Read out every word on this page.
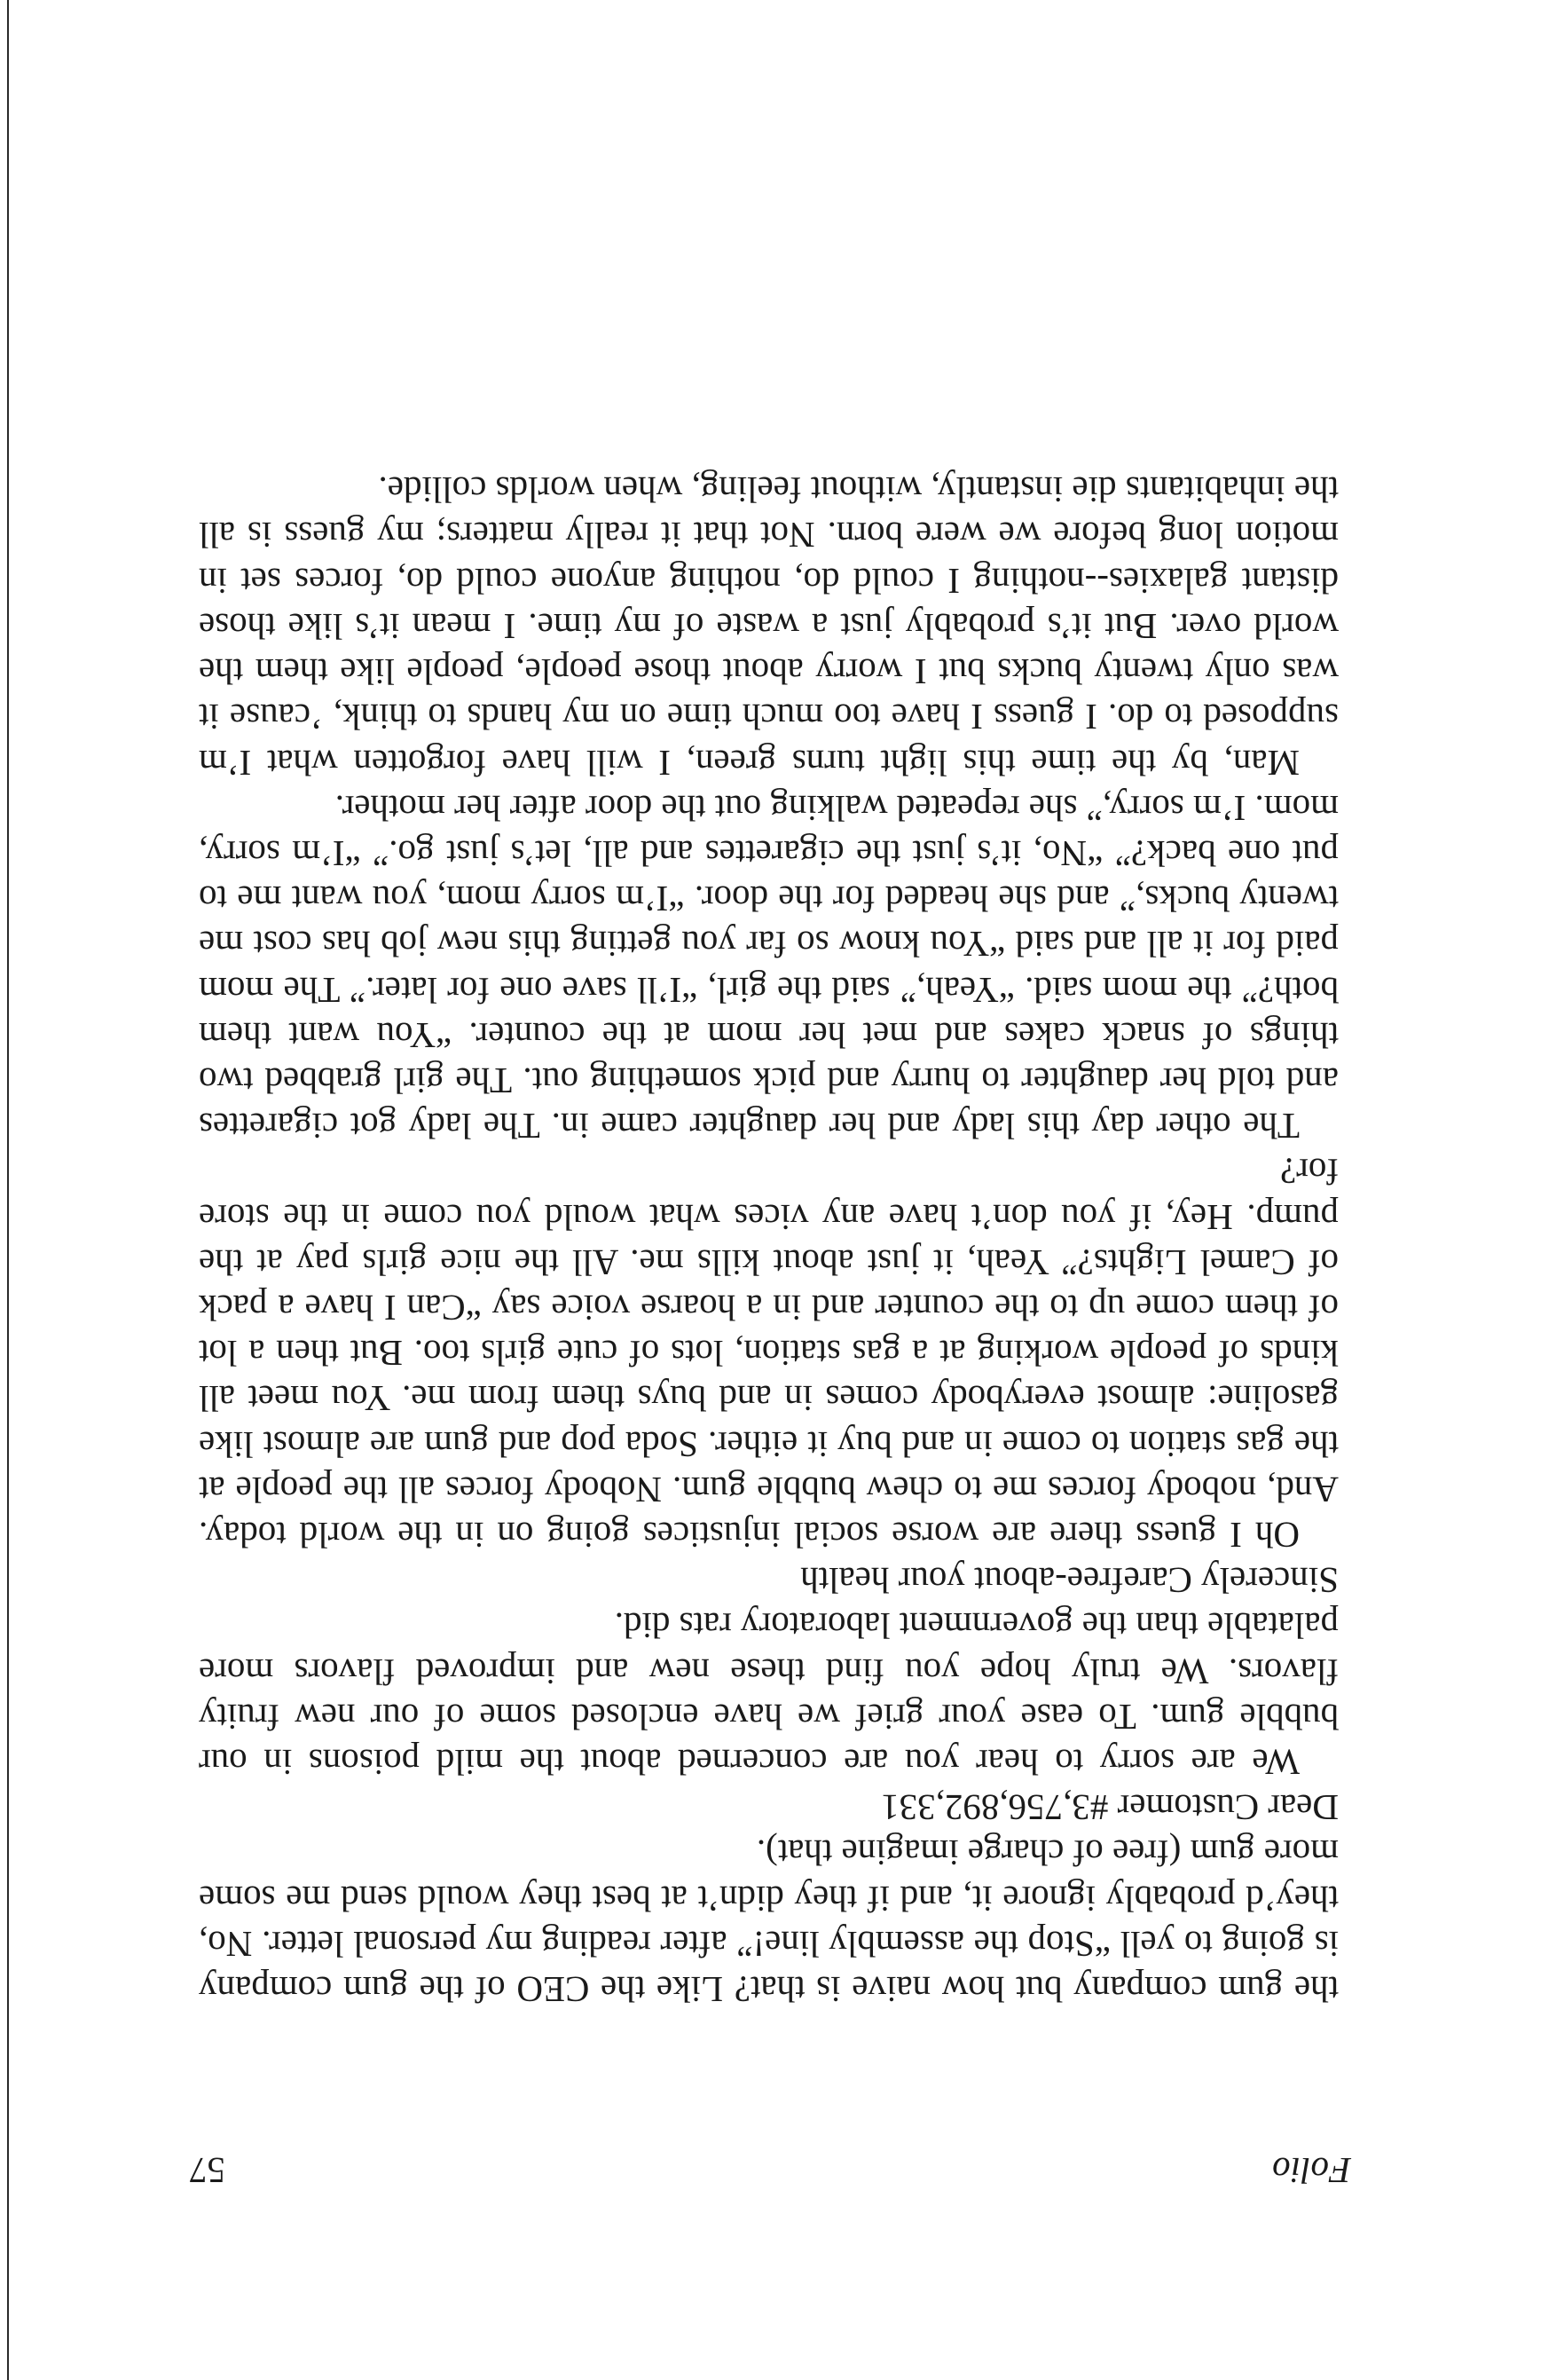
Folio
57

the gum company but how naive is that? Like the CEO of the gum company is going to yell “Stop the assembly line!” after reading my personal letter. No, they’d probably ignore it, and if they didn’t at best they would send me some more gum (free of charge imagine that).

Dear Customer #3,756,892,331

We are sorry to hear you are concerned about the mild poisons in our bubble gum. To ease your grief we have enclosed some of our new fruity flavors. We truly hope you find these new and improved flavors more palatable than the government laboratory rats did.

Sincerely Carefree-about your health

Oh I guess there are worse social injustices going on in the world today. And, nobody forces me to chew bubble gum. Nobody forces all the people at the gas station to come in and buy it either. Soda pop and gum are almost like gasoline: almost everybody comes in and buys them from me. You meet all kinds of people working at a gas station, lots of cute girls too. But then a lot of them come up to the counter and in a hoarse voice say “Can I have a pack of Camel Lights?” Yeah, it just about kills me. All the nice girls pay at the pump. Hey, if you don’t have any vices what would you come in the store for?

The other day this lady and her daughter came in. The lady got cigarettes and told her daughter to hurry and pick something out. The girl grabbed two things of snack cakes and met her mom at the counter. “You want them both?” the mom said. “Yeah,” said the girl, “I’ll save one for later.” The mom paid for it all and said “You know so far you getting this new job has cost me twenty bucks,” and she headed for the door. “I’m sorry mom, you want me to put one back?” “No, it’s just the cigarettes and all, let’s just go.” “I’m sorry, mom. I’m sorry,” she repeated walking out the door after her mother.

Man, by the time this light turns green, I will have forgotten what I’m supposed to do. I guess I have too much time on my hands to think, ’cause it was only twenty bucks but I worry about those people, people like them the world over. But it’s probably just a waste of my time. I mean it’s like those distant galaxies--nothing I could do, nothing anyone could do, forces set in motion long before we were born. Not that it really matters; my guess is all the inhabitants die instantly, without feeling, when worlds collide.
